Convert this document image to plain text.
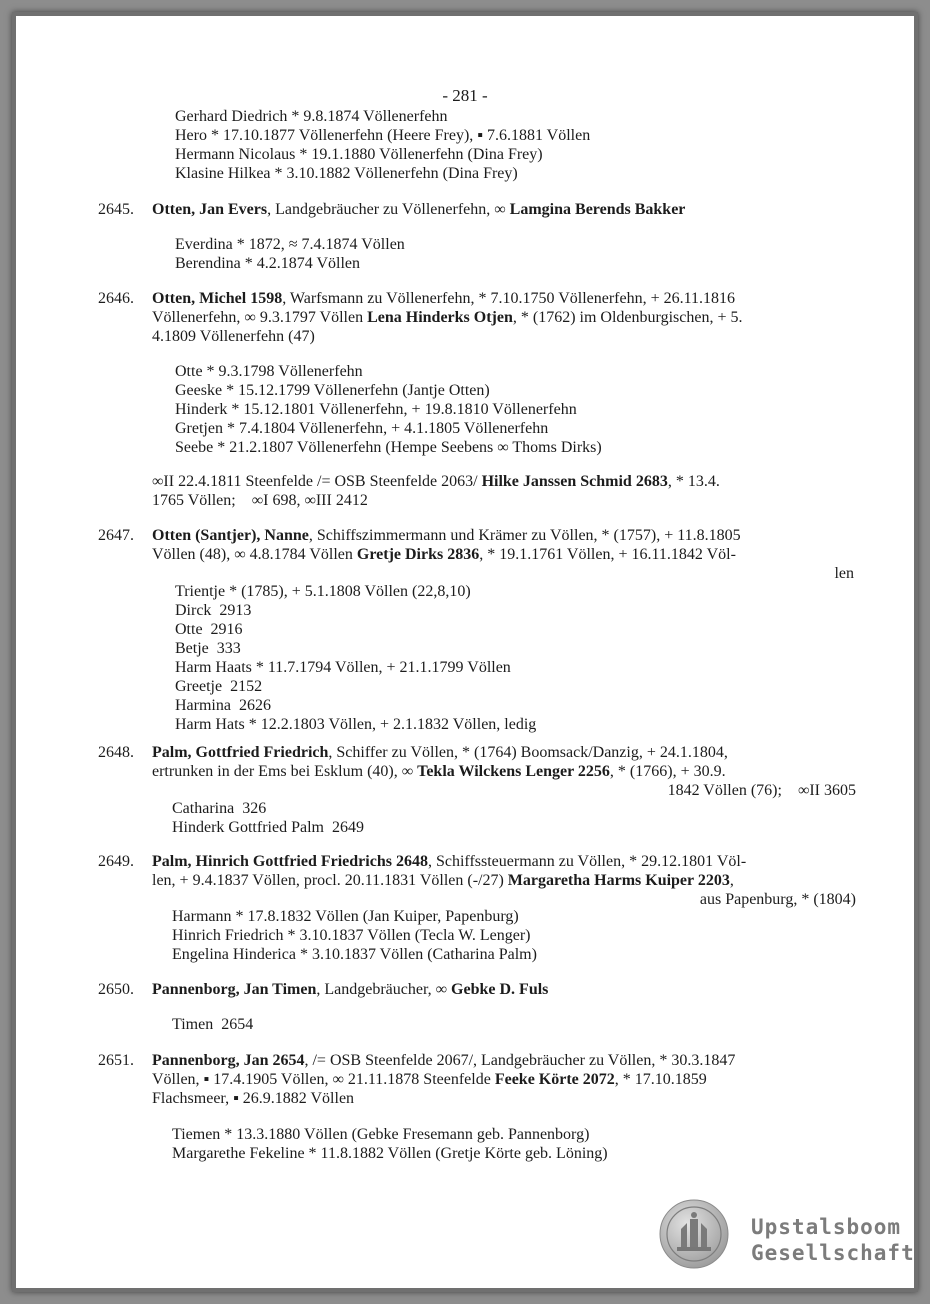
- 281 -
Gerhard Diedrich * 9.8.1874 Völlenerfehn
Hero * 17.10.1877 Völlenerfehn (Heere Frey), ▪ 7.6.1881 Völlen
Hermann Nicolaus * 19.1.1880 Völlenerfehn (Dina Frey)
Klasine Hilkea * 3.10.1882 Völlenerfehn (Dina Frey)
2645. Otten, Jan Evers, Landgebräucher zu Völlenerfehn, ∞ Lamgina Berends Bakker
Everdina * 1872, ≈ 7.4.1874 Völlen
Berendina * 4.2.1874 Völlen
2646. Otten, Michel 1598, Warfsmann zu Völlenerfehn, * 7.10.1750 Völlenerfehn, + 26.11.1816
Völlenerfehn, ∞ 9.3.1797 Völlen Lena Hinderks Otjen, * (1762) im Oldenburgischen, + 5.
4.1809 Völlenerfehn (47)
Otte * 9.3.1798 Völlenerfehn
Geeske * 15.12.1799 Völlenerfehn (Jantje Otten)
Hinderk * 15.12.1801 Völlenerfehn, + 19.8.1810 Völlenerfehn
Gretjen * 7.4.1804 Völlenerfehn, + 4.1.1805 Völlenerfehn
Seebe * 21.2.1807 Völlenerfehn (Hempe Seebens ∞ Thoms Dirks)
∞II 22.4.1811 Steenfelde /= OSB Steenfelde 2063/ Hilke Janssen Schmid 2683, * 13.4.
1765 Völlen;    ∞I 698, ∞III 2412
2647. Otten (Santjer), Nanne, Schiffszimmermann und Krämer zu Völlen, * (1757), + 11.8.1805
Völlen (48), ∞ 4.8.1784 Völlen Gretje Dirks 2836, * 19.1.1761 Völlen, + 16.11.1842 Völ-
len
Trientje * (1785), + 5.1.1808 Völlen (22,8,10)
Dirck  2913
Otte  2916
Betje  333
Harm Haats * 11.7.1794 Völlen, + 21.1.1799 Völlen
Greetje  2152
Harmina  2626
Harm Hats * 12.2.1803 Völlen, + 2.1.1832 Völlen, ledig
2648. Palm, Gottfried Friedrich, Schiffer zu Völlen, * (1764) Boomsack/Danzig, + 24.1.1804,
ertrunken in der Ems bei Esklum (40), ∞ Tekla Wilckens Lenger 2256, * (1766), + 30.9.
1842 Völlen (76);    ∞II 3605
Catharina  326
Hinderk Gottfried Palm  2649
2649. Palm, Hinrich Gottfried Friedrichs 2648, Schiffssteuermann zu Völlen, * 29.12.1801 Völ-
len, + 9.4.1837 Völlen, procl. 20.11.1831 Völlen (-/27) Margaretha Harms Kuiper 2203,
aus Papenburg, * (1804)
Harmann * 17.8.1832 Völlen (Jan Kuiper, Papenburg)
Hinrich Friedrich * 3.10.1837 Völlen (Tecla W. Lenger)
Engelina Hinderica * 3.10.1837 Völlen (Catharina Palm)
2650. Pannenborg, Jan Timen, Landgebräucher, ∞ Gebke D. Fuls
Timen  2654
2651. Pannenborg, Jan 2654, /= OSB Steenfelde 2067/, Landgebräucher zu Völlen, * 30.3.1847
Völlen, ▪ 17.4.1905 Völlen, ∞ 21.11.1878 Steenfelde Feeke Körte 2072, * 17.10.1859
Flachsmeer, ▪ 26.9.1882 Völlen
Tiemen * 13.3.1880 Völlen (Gebke Fresemann geb. Pannenborg)
Margarethe Fekeline * 11.8.1882 Völlen (Gretje Körte geb. Löning)
Upstalsboom
Gesellschaft
